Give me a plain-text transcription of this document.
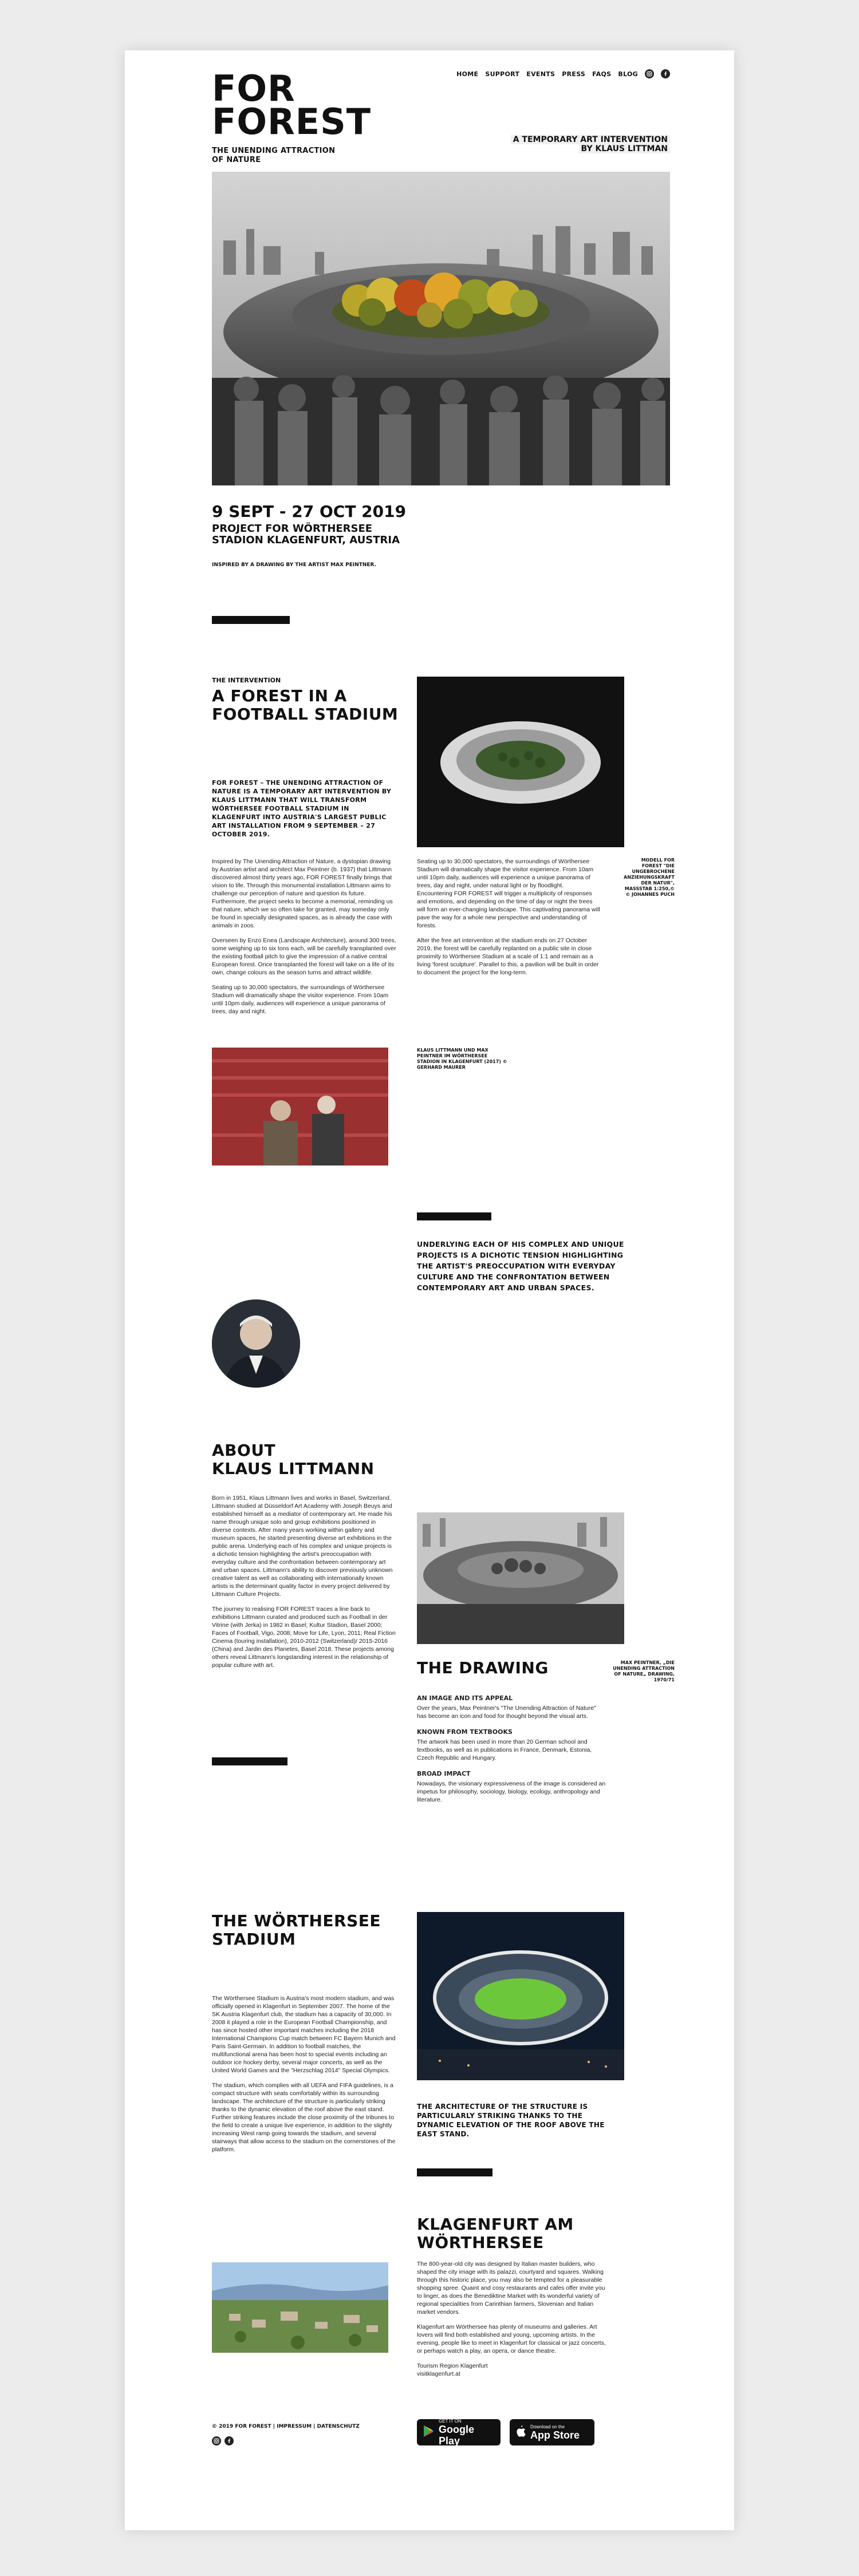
FOR
FOREST
THE UNENDING ATTRACTION
OF NATURE
HOME SUPPORT EVENTS PRESS FAQS BLOG
A TEMPORARY ART INTERVENTION
BY KLAUS LITTMAN
9 SEPT - 27 OCT 2019
PROJECT FOR WÖRTHERSEE
STADION KLAGENFURT, AUSTRIA
INSPIRED BY A DRAWING BY THE ARTIST MAX PEINTNER.
THE INTERVENTION
A FOREST IN A
FOOTBALL STADIUM
FOR FOREST – THE UNENDING ATTRACTION OF NATURE IS A TEMPORARY ART INTERVENTION BY KLAUS LITTMANN THAT WILL TRANSFORM WÖRTHERSEE FOOTBALL STADIUM IN KLAGENFURT INTO AUSTRIA'S LARGEST PUBLIC ART INSTALLATION FROM 9 SEPTEMBER – 27 OCTOBER 2019.

Inspired by The Unending Attraction of Nature, a dystopian drawing by Austrian artist and architect Max Peintner (b. 1937) that Littmann discovered almost thirty years ago, FOR FOREST finally brings that vision to life. Through this monumental installation Littmann aims to challenge our perception of nature and question its future. Furthermore, the project seeks to become a memorial, reminding us that nature, which we so often take for granted, may someday only be found in specially designated spaces, as is already the case with animals in zoos.

Overseen by Enzo Enea (Landscape Architecture), around 300 trees, some weighing up to six tons each, will be carefully transplanted over the existing football pitch to give the impression of a native central European forest. Once transplanted the forest will take on a life of its own, change colours as the season turns and attract wildlife.

Seating up to 30,000 spectators, the surroundings of Wörthersee Stadium will dramatically shape the visitor experience. From 10am until 10pm daily, audiences will experience a unique panorama of trees, day and night.

Seating up to 30,000 spectators, the surroundings of Wörthersee Stadium will dramatically shape the visitor experience. From 10am until 10pm daily, audiences will experience a unique panorama of trees, day and night, under natural light or by floodlight. Encountering FOR FOREST will trigger a multiplicity of responses and emotions, and depending on the time of day or night the trees will form an ever-changing landscape. This captivating panorama will pave the way for a whole new perspective and understanding of forests.

After the free art intervention at the stadium ends on 27 October 2019, the forest will be carefully replanted on a public site in close proximity to Wörthersee Stadium at a scale of 1:1 and remain as a living 'forest sculpture'. Parallel to this, a pavilion will be built in order to document the project for the long-term.

MODELL FOR FOREST "DIE UNGEBROCHENE ANZIEHUNGSKRAFT DER NATUR", MASSSTAB 1:250,© © JOHANNES PUCH
KLAUS LITTMANN UND MAX PEINTNER IM WÖRTHERSEE STADION IN KLAGENFURT (2017) © GERHARD MAURER
UNDERLYING EACH OF HIS COMPLEX AND UNIQUE PROJECTS IS A DICHOTIC TENSION HIGHLIGHTING THE ARTIST'S PREOCCUPATION WITH EVERYDAY CULTURE AND THE CONFRONTATION BETWEEN CONTEMPORARY ART AND URBAN SPACES.
ABOUT
KLAUS LITTMANN

Born in 1951, Klaus Littmann lives and works in Basel, Switzerland. Littmann studied at Düsseldorf Art Academy with Joseph Beuys and established himself as a mediator of contemporary art. He made his name through unique solo and group exhibitions positioned in diverse contexts. After many years working within gallery and museum spaces, he started presenting diverse art exhibitions in the public arena. Underlying each of his complex and unique projects is a dichotic tension highlighting the artist's preoccupation with everyday culture and the confrontation between contemporary art and urban spaces. Littmann's ability to discover previously unknown creative talent as well as collaborating with internationally known artists is the determinant quality factor in every project delivered by Littmann Culture Projects.

The journey to realising FOR FOREST traces a line back to exhibitions Littmann curated and produced such as Football in der Vitrine (with Jerka) in 1982 in Basel; Kultur Stadion, Basel 2000; Faces of Football, Vigo, 2008; Move for Life, Lyon, 2011; Real Fiction Cinema (touring installation), 2010-2012 (Switzerland)/ 2015-2016 (China) and Jardin des Planetes, Basel 2018. These projects among others reveal Littmann's longstanding interest in the relationship of popular culture with art.	THE DRAWING	MAX PEINTNER, „DIE UNENDING ATTRACTION OF NATURE„ DRAWING, 1970/71
AN IMAGE AND ITS APPEAL
Over the years, Max Peintner's "The Unending Attraction of Nature" has become an icon and food for thought beyond the visual arts.
KNOWN FROM TEXTBOOKS
The artwork has been used in more than 20 German school and textbooks, as well as in publications in France, Denmark, Estonia, Czech Republic and Hungary.
BROAD IMPACT
Nowadays, the visionary expressiveness of the image is considered an impetus for philosophy, sociology, biology, ecology, anthropology and literature.
THE WÖRTHERSEE
STADIUM

The Wörthersee Stadium is Austria's most modern stadium, and was officially opened in Klagenfurt in September 2007. The home of the SK Austria Klagenfurt club, the stadium has a capacity of 30,000. In 2008 it played a role in the European Football Championship, and has since hosted other important matches including the 2018 International Champions Cup match between FC Bayern Munich and Paris Saint-Germain. In addition to football matches, the multifunctional arena has been host to special events including an outdoor ice hockey derby, several major concerts, as well as the United World Games and the "Herzschlag 2014" Special Olympics.

The stadium, which complies with all UEFA and FIFA guidelines, is a compact structure with seats comfortably within its surrounding landscape. The architecture of the structure is particularly striking thanks to the dynamic elevation of the roof above the east stand. Further striking features include the close proximity of the tribunes to the field to create a unique live experience, in addition to the slightly increasing West ramp going towards the stadium, and several stairways that allow access to the stadium on the cornerstones of the platform.

THE ARCHITECTURE OF THE STRUCTURE IS PARTICULARLY STRIKING THANKS TO THE DYNAMIC ELEVATION OF THE ROOF ABOVE THE EAST STAND.
KLAGENFURT AM
WÖRTHERSEE

The 800-year-old city was designed by Italian master builders, who shaped the city image with its palazzi, courtyard and squares. Walking through this historic place, you may also be tempted for a pleasurable shopping spree. Quaint and cosy restaurants and cafes offer invite you to linger, as does the Benediktine Market with its wonderful variety of regional specialities from Carinthian farmers, Slovenian and Italian market vendors.

Klagenfurt am Wörthersee has plenty of museums and galleries. Art lovers will find both established and young, upcoming artists. In the evening, people like to meet in Klagenfurt for classical or jazz concerts, or perhaps watch a play, an opera, or dance theatre.

Tourism Region Klagenfurt
visitklagenfurt.at
© 2019 FOR FOREST | IMPRESSUM | DATENSCHUTZ
GET IT ON
Google Play
Download on the
App Store
